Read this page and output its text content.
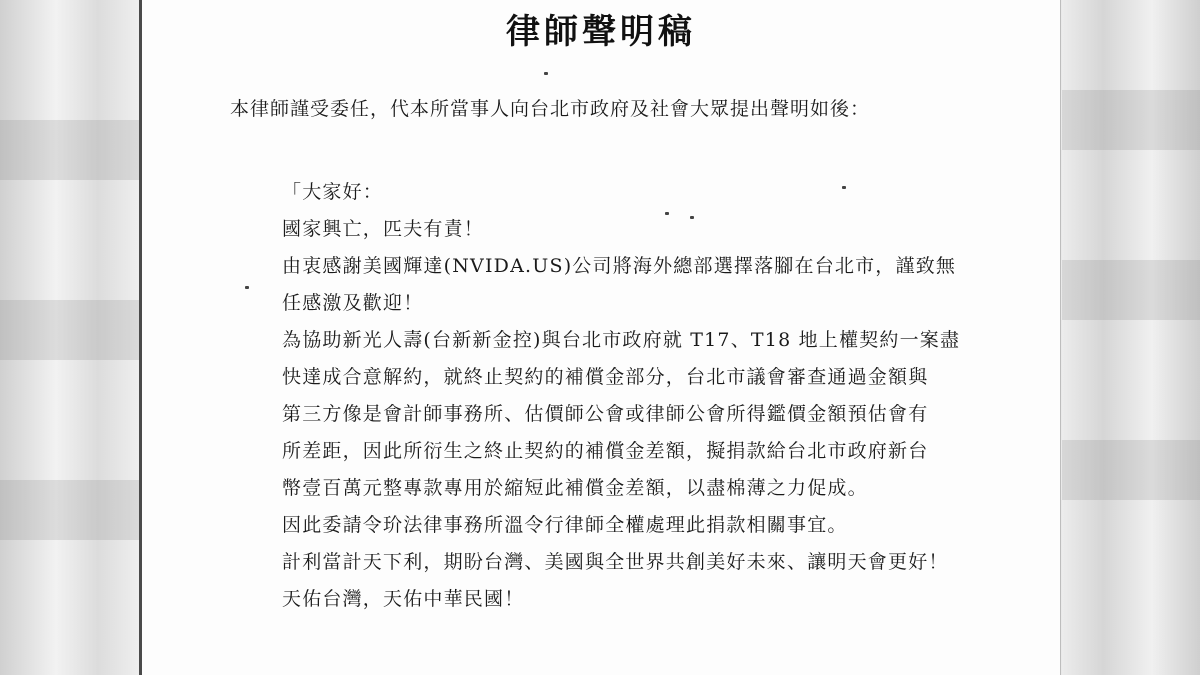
律師聲明稿
本律師謹受委任，代本所當事人向台北市政府及社會大眾提出聲明如後：
「大家好：
國家興亡，匹夫有責！
由衷感謝美國輝達(NVIDA.US)公司將海外總部選擇落腳在台北市，謹致無
任感激及歡迎！
為協助新光人壽(台新新金控)與台北市政府就 T17、T18 地上權契約一案盡
快達成合意解約，就終止契約的補償金部分，台北市議會審查通過金額與
第三方像是會計師事務所、估價師公會或律師公會所得鑑價金額預估會有
所差距，因此所衍生之終止契約的補償金差額，擬捐款給台北市政府新台
幣壹百萬元整專款專用於縮短此補償金差額，以盡棉薄之力促成。
因此委請令玠法律事務所溫令行律師全權處理此捐款相關事宜。
計利當計天下利，期盼台灣、美國與全世界共創美好未來、讓明天會更好！
天佑台灣，天佑中華民國！
